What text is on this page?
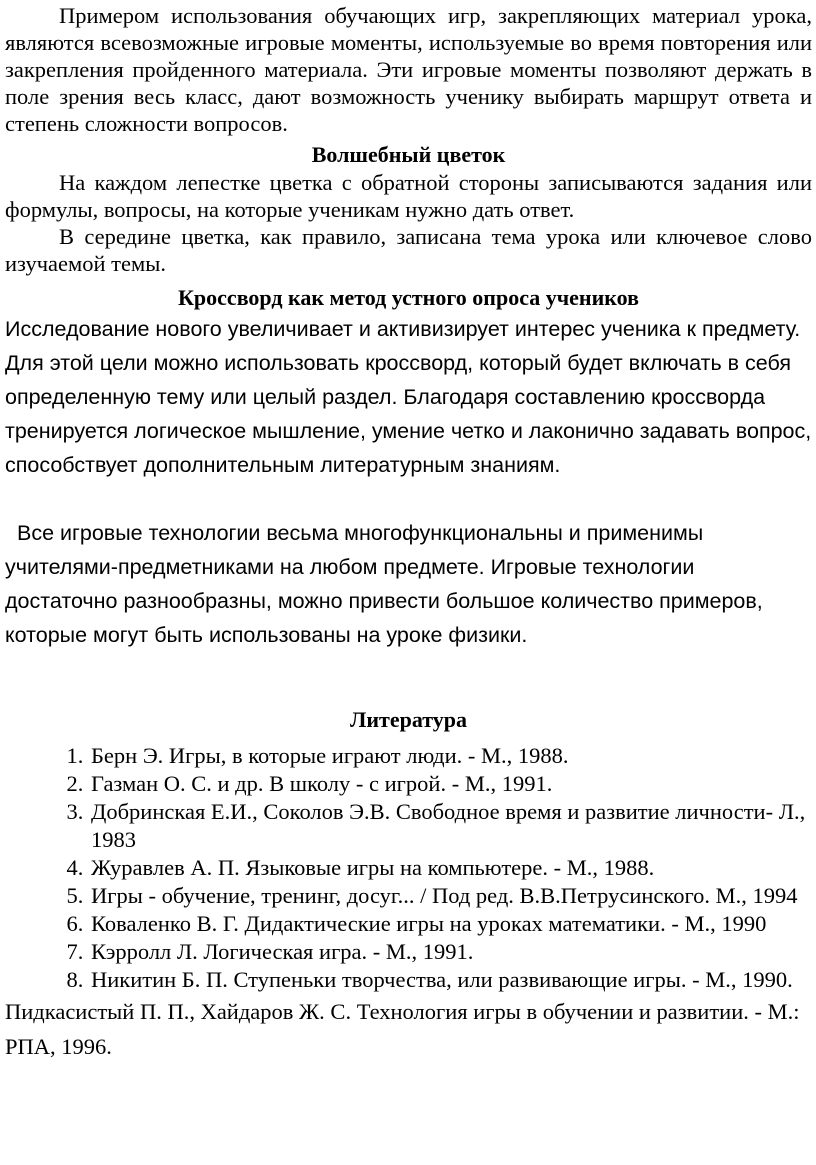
Примером использования обучающих игр, закрепляющих материал урока, являются всевозможные игровые моменты, используемые во время повторения или закрепления пройденного материала. Эти игровые моменты позволяют держать в поле зрения весь класс, дают возможность ученику выбирать маршрут ответа и степень сложности вопросов.

Волшебный цветок

На каждом лепестке цветка с обратной стороны записываются задания или формулы, вопросы, на которые ученикам нужно дать ответ.

В середине цветка, как правило, записана тема урока или ключевое слово изучаемой темы.

Кроссворд как метод устного опроса учеников

Исследование нового увеличивает и активизирует интерес ученика к предмету. Для этой цели можно использовать кроссворд, который будет включать в себя определенную тему или целый раздел. Благодаря составлению кроссворда тренируется логическое мышление, умение четко и лаконично задавать вопрос, способствует дополнительным литературным знаниям.

Все игровые технологии весьма многофункциональны и применимы учителями-предметниками на любом предмете. Игровые технологии достаточно разнообразны, можно привести большое количество примеров, которые могут быть использованы на уроке физики.

Литература
1. Берн Э. Игры, в которые играют люди. - М., 1988.
2. Газман О. С. и др. В школу - с игрой. - М., 1991.
3. Добринская Е.И., Соколов Э.В. Свободное время и развитие личности- Л., 1983
4. Журавлев А. П. Языковые игры на компьютере. - М., 1988.
5. Игры - обучение, тренинг, досуг... / Под ред. В.В.Петрусинского. М., 1994
6. Коваленко В. Г. Дидактические игры на уроках математики. - М., 1990
7. Кэрролл Л. Логическая игра. - М., 1991.
8. Никитин Б. П. Ступеньки творчества, или развивающие игры. - М., 1990.

Пидкасистый П. П., Хайдаров Ж. С. Технология игры в обучении и развитии. - М.: РПА, 1996.
